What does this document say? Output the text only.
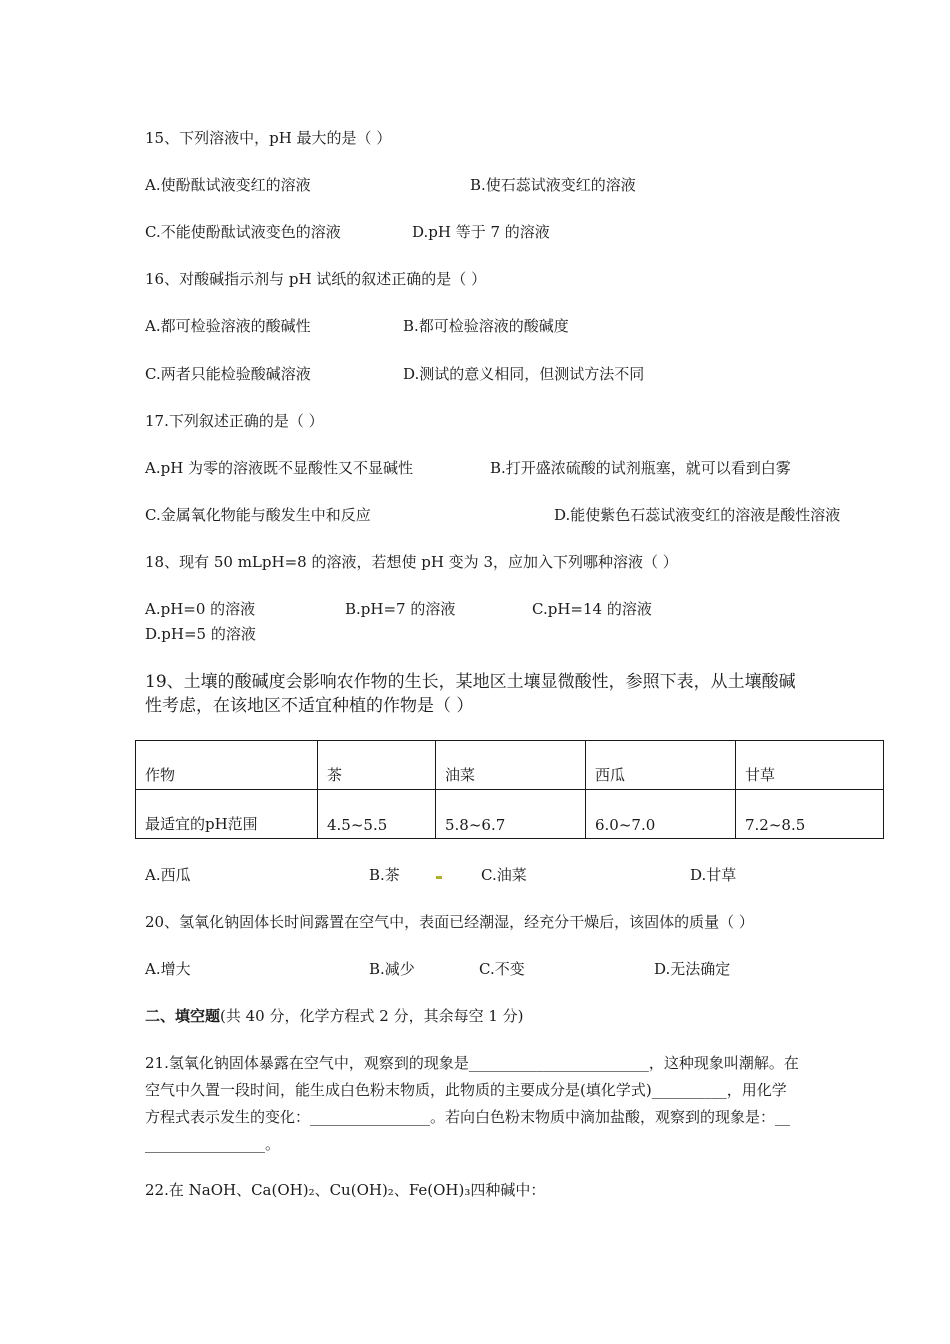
15、下列溶液中，pH 最大的是（ ）
A.使酚酞试液变红的溶液	B.使石蕊试液变红的溶液
C.不能使酚酞试液变色的溶液	D.pH 等于 7 的溶液
16、对酸碱指示剂与 pH 试纸的叙述正确的是（ ）
A.都可检验溶液的酸碱性	B.都可检验溶液的酸碱度
C.两者只能检验酸碱溶液	D.测试的意义相同，但测试方法不同
17.下列叙述正确的是（ ）
A.pH 为零的溶液既不显酸性又不显碱性	B.打开盛浓硫酸的试剂瓶塞，就可以看到白雾
C.金属氧化物能与酸发生中和反应	D.能使紫色石蕊试液变红的溶液是酸性溶液
18、现有 50 mLpH=8 的溶液，若想使 pH 变为 3，应加入下列哪种溶液（ ）
A.pH=0 的溶液	B.pH=7 的溶液	C.pH=14 的溶液
D.pH=5 的溶液
19、土壤的酸碱度会影响农作物的生长，某地区土壤显微酸性，参照下表，从土壤酸碱
性考虑，在该地区不适宜种植的作物是（ ）
作物	茶	油菜	西瓜	甘草
最适宜的pH范围	4.5~5.5	5.8~6.7	6.0~7.0	7.2~8.5
A.西瓜	B.茶	C.油菜	D.甘草
20、氢氧化钠固体长时间露置在空气中，表面已经潮湿，经充分干燥后，该固体的质量（ ）
A.增大	B.减少	C.不变	D.无法确定
二、填空题(共 40 分，化学方程式 2 分，其余每空 1 分)
21.氢氧化钠固体暴露在空气中，观察到的现象是________________________，这种现象叫潮解。在
空气中久置一段时间，能生成白色粉末物质，此物质的主要成分是(填化学式)__________，用化学
方程式表示发生的变化：________________。若向白色粉末物质中滴加盐酸，观察到的现象是：__
________________。
22.在 NaOH、Ca(OH)₂、Cu(OH)₂、Fe(OH)₃四种碱中：
